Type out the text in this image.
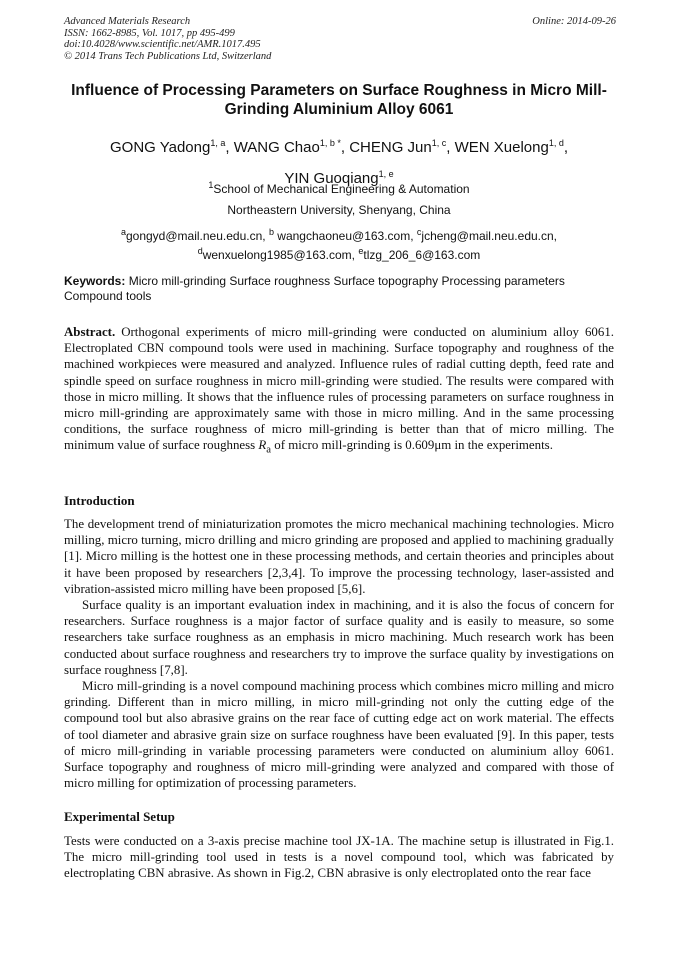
Advanced Materials Research
ISSN: 1662-8985, Vol. 1017, pp 495-499
doi:10.4028/www.scientific.net/AMR.1017.495
© 2014 Trans Tech Publications Ltd, Switzerland
Online: 2014-09-26
Influence of Processing Parameters on Surface Roughness in Micro Mill-Grinding Aluminium Alloy 6061
GONG Yadong$^{1, a}$, WANG Chao$^{1, b *}$, CHENG Jun$^{1, c}$, WEN Xuelong$^{1, d}$,
YIN Guoqiang$^{1, e}$
$^1$School of Mechanical Engineering & Automation
Northeastern University, Shenyang, China
$^a$gongyd@mail.neu.edu.cn, $^b$ wangchaoneu@163.com, $^c$jcheng@mail.neu.edu.cn,
$^d$wenxuelong1985@163.com, $^e$tlzg_206_6@163.com
Keywords: Micro mill-grinding Surface roughness Surface topography Processing parameters Compound tools
Abstract. Orthogonal experiments of micro mill-grinding were conducted on aluminium alloy 6061. Electroplated CBN compound tools were used in machining. Surface topography and roughness of the machined workpieces were measured and analyzed. Influence rules of radial cutting depth, feed rate and spindle speed on surface roughness in micro mill-grinding were studied. The results were compared with those in micro milling. It shows that the influence rules of processing parameters on surface roughness in micro mill-grinding are approximately same with those in micro milling. And in the same processing conditions, the surface roughness of micro mill-grinding is better than that of micro milling. The minimum value of surface roughness $R_a$ of micro mill-grinding is 0.609μm in the experiments.
Introduction

The development trend of miniaturization promotes the micro mechanical machining technologies. Micro milling, micro turning, micro drilling and micro grinding are proposed and applied to machining gradually [1]. Micro milling is the hottest one in these processing methods, and certain theories and principles about it have been proposed by researchers [2,3,4]. To improve the processing technology, laser-assisted and vibration-assisted micro milling have been proposed [5,6].

Surface quality is an important evaluation index in machining, and it is also the focus of concern for researchers. Surface roughness is a major factor of surface quality and is easily to measure, so some researchers take surface roughness as an emphasis in micro machining. Much research work has been conducted about surface roughness and researchers try to improve the surface quality by investigations on surface roughness [7,8].

Micro mill-grinding is a novel compound machining process which combines micro milling and micro grinding. Different than in micro milling, in micro mill-grinding not only the cutting edge of the compound tool but also abrasive grains on the rear face of cutting edge act on work material. The effects of tool diameter and abrasive grain size on surface roughness have been evaluated [9]. In this paper, tests of micro mill-grinding in variable processing parameters were conducted on aluminium alloy 6061. Surface topography and roughness of micro mill-grinding were analyzed and compared with those of micro milling for optimization of processing parameters.

Experimental Setup

Tests were conducted on a 3-axis precise machine tool JX-1A. The machine setup is illustrated in Fig.1. The micro mill-grinding tool used in tests is a novel compound tool, which was fabricated by electroplating CBN abrasive. As shown in Fig.2, CBN abrasive is only electroplated onto the rear face
